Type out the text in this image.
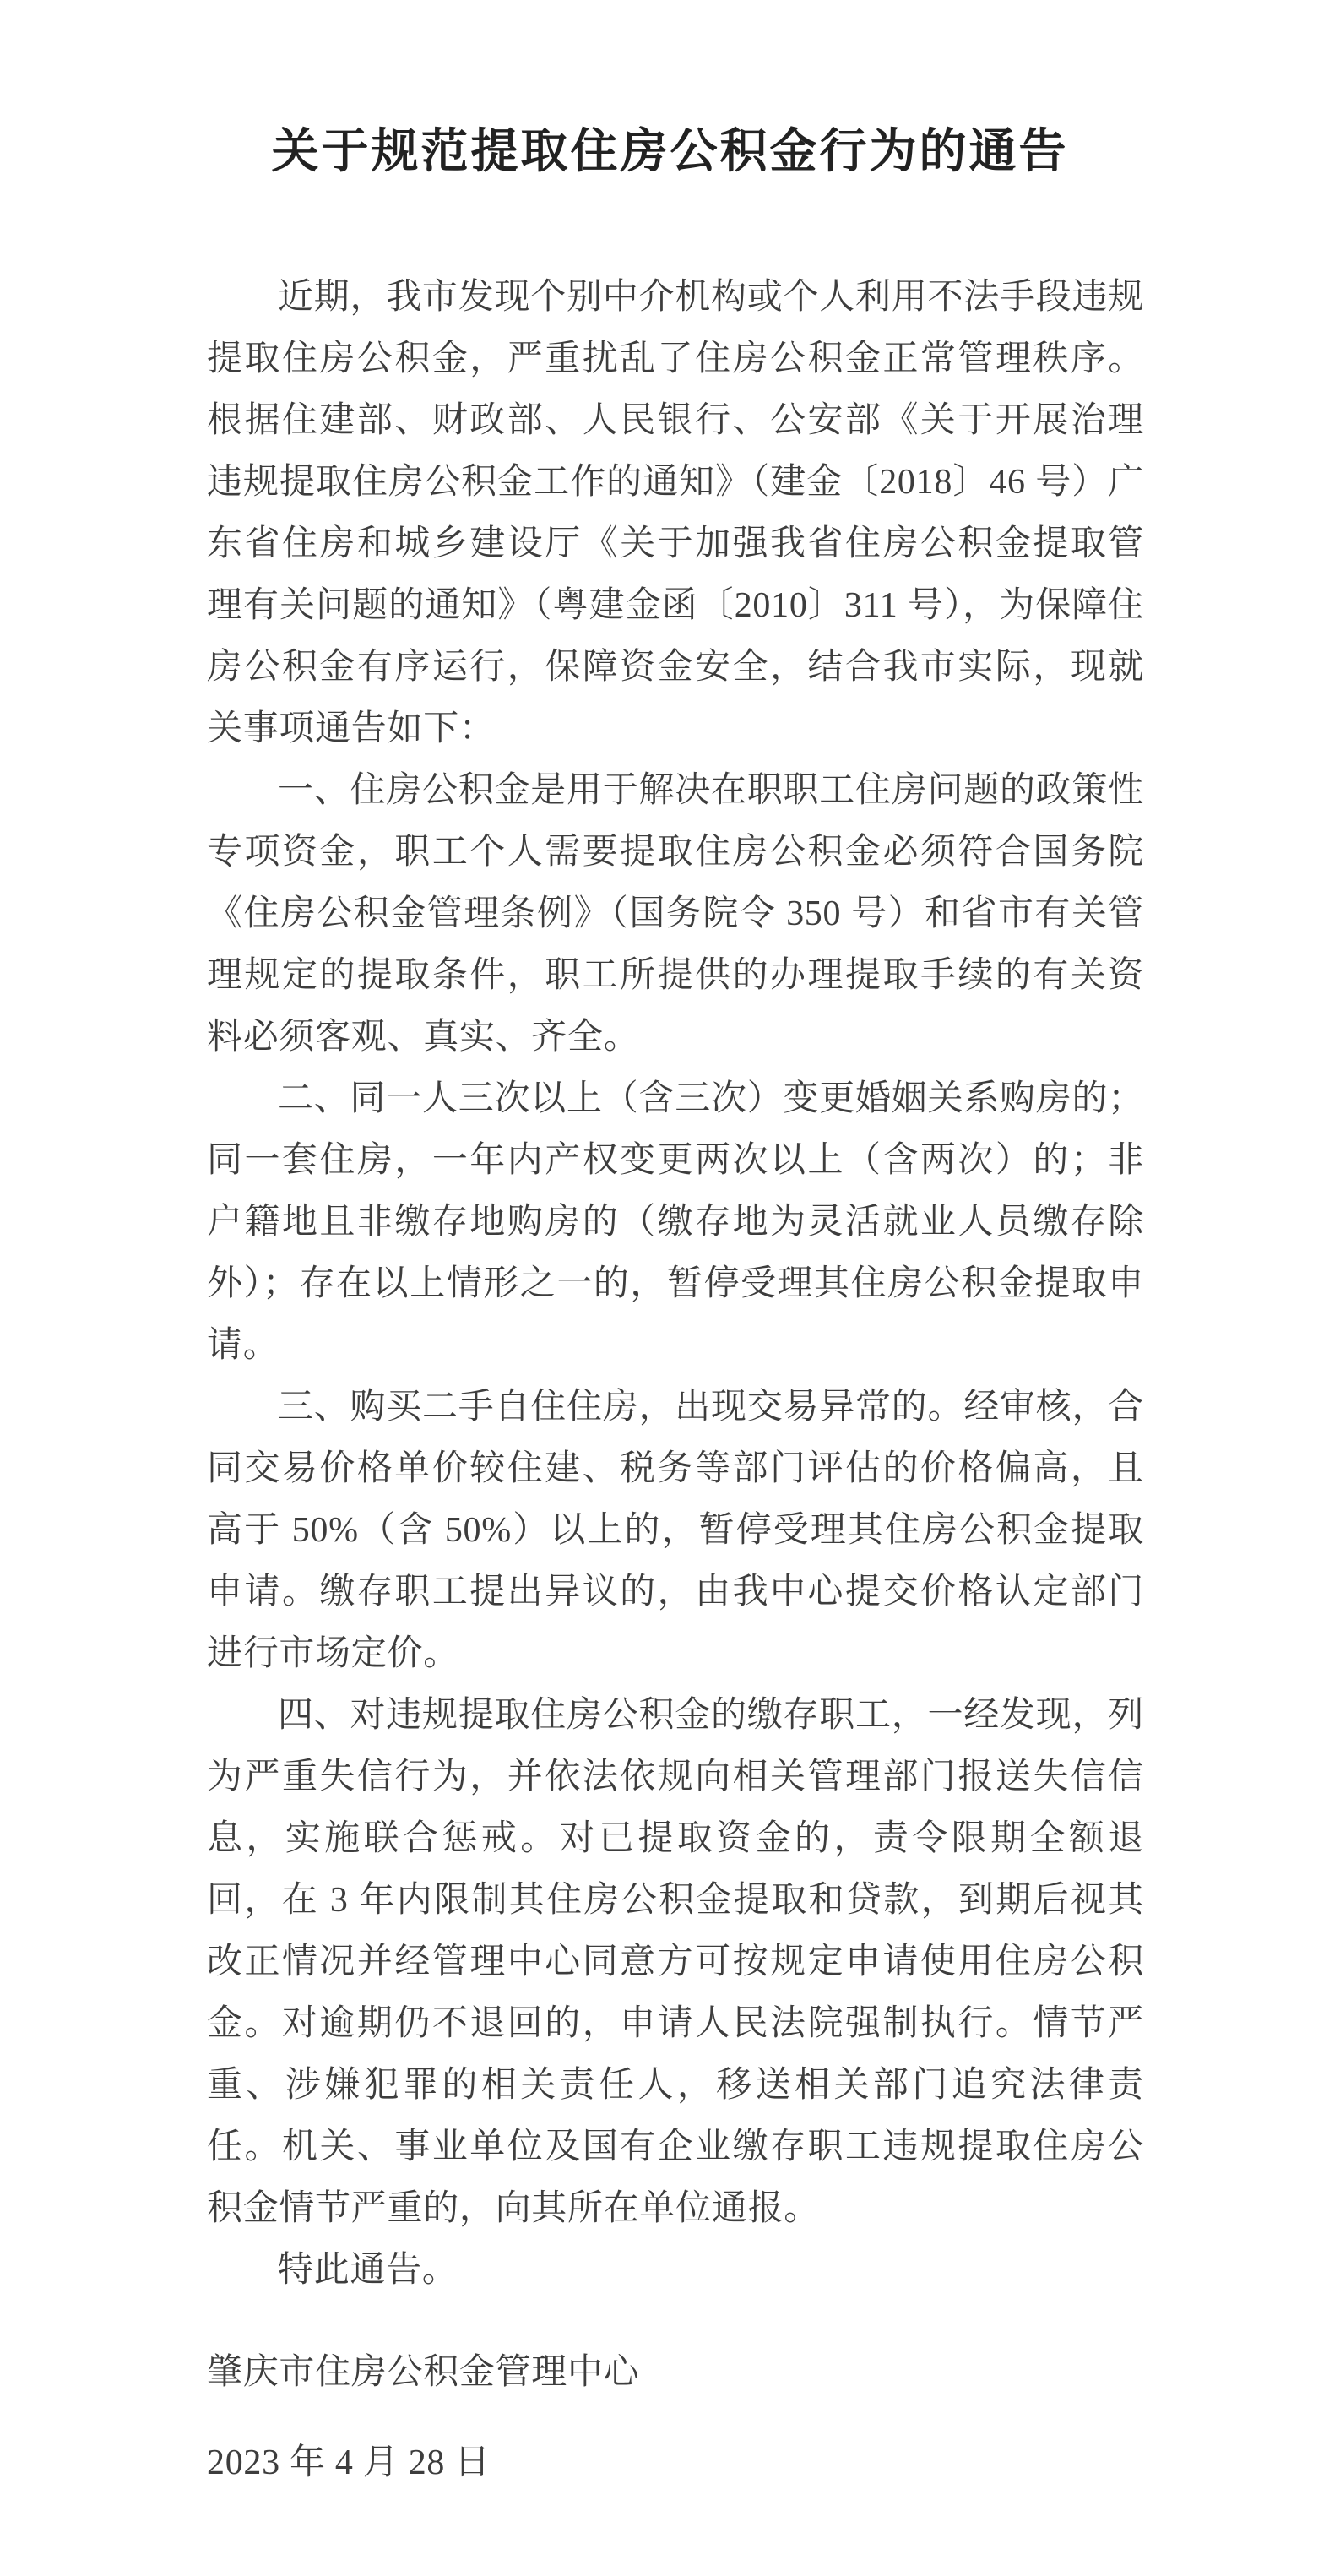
关于规范提取住房公积金行为的通告

近期，我市发现个别中介机构或个人利用不法手段违规提取住房公积金，严重扰乱了住房公积金正常管理秩序。根据住建部、财政部、人民银行、公安部《关于开展治理违规提取住房公积金工作的通知》（建金〔2018〕46 号）广东省住房和城乡建设厅《关于加强我省住房公积金提取管理有关问题的通知》（粤建金函〔2010〕311 号），为保障住房公积金有序运行，保障资金安全，结合我市实际，现就关事项通告如下：

一、住房公积金是用于解决在职职工住房问题的政策性专项资金，职工个人需要提取住房公积金必须符合国务院《住房公积金管理条例》（国务院令 350 号）和省市有关管理规定的提取条件，职工所提供的办理提取手续的有关资料必须客观、真实、齐全。

二、同一人三次以上（含三次）变更婚姻关系购房的；同一套住房，一年内产权变更两次以上（含两次）的；非户籍地且非缴存地购房的（缴存地为灵活就业人员缴存除外）；存在以上情形之一的，暂停受理其住房公积金提取申请。

三、购买二手自住住房，出现交易异常的。经审核，合同交易价格单价较住建、税务等部门评估的价格偏高，且高于 50%（含 50%）以上的，暂停受理其住房公积金提取申请。缴存职工提出异议的，由我中心提交价格认定部门进行市场定价。

四、对违规提取住房公积金的缴存职工，一经发现，列为严重失信行为，并依法依规向相关管理部门报送失信信息，实施联合惩戒。对已提取资金的，责令限期全额退回，在 3 年内限制其住房公积金提取和贷款，到期后视其改正情况并经管理中心同意方可按规定申请使用住房公积金。对逾期仍不退回的，申请人民法院强制执行。情节严重、涉嫌犯罪的相关责任人，移送相关部门追究法律责任。机关、事业单位及国有企业缴存职工违规提取住房公积金情节严重的，向其所在单位通报。

特此通告。

肇庆市住房公积金管理中心
2023 年 4 月 28 日
